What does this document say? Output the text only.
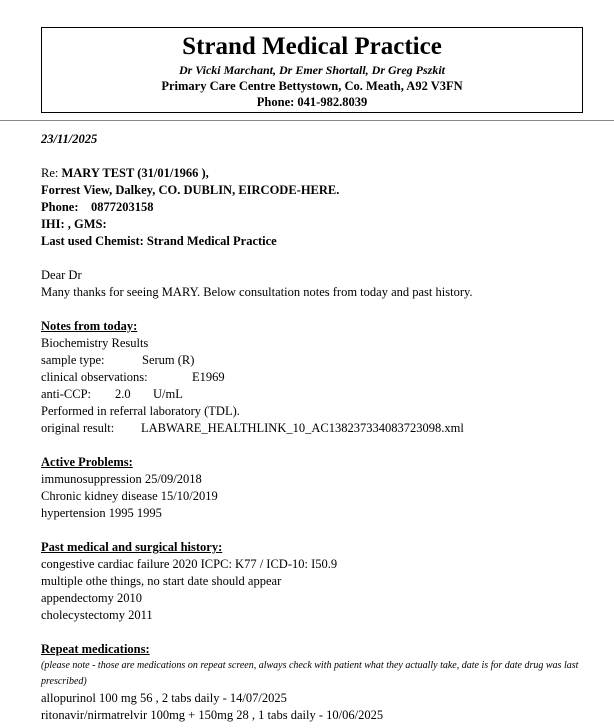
Strand Medical Practice
Dr Vicki Marchant, Dr Emer Shortall, Dr Greg Pszkit
Primary Care Centre Bettystown, Co. Meath, A92 V3FN
Phone: 041-982.8039
23/11/2025
Re: MARY TEST (31/01/1966 ),
Forrest View, Dalkey, CO. DUBLIN, EIRCODE-HERE.
Phone:    0877203158
IHI: , GMS:
Last used Chemist: Strand Medical Practice
Dear Dr
Many thanks for seeing MARY. Below consultation notes from today and past history.
Notes from today:
Biochemistry Results
sample type:	Serum (R)
clinical observations:	E1969
anti-CCP: 2.0 U/mL
Performed in referral laboratory (TDL).
original result: LABWARE_HEALTHLINK_10_AC138237334083723098.xml
Active Problems:
immunosuppression 25/09/2018
Chronic kidney disease 15/10/2019
hypertension 1995 1995
Past medical and surgical history:
congestive cardiac failure 2020 ICPC: K77 / ICD-10: I50.9
multiple othe things, no start date should appear
appendectomy 2010
cholecystectomy 2011
Repeat medications:
(please note - those are medications on repeat screen, always check with patient what they actually take, date is for date drug was last prescribed)
allopurinol 100 mg 56 , 2 tabs daily - 14/07/2025
ritonavir/nirmatrelvir 100mg + 150mg 28 , 1 tabs daily - 10/06/2025
